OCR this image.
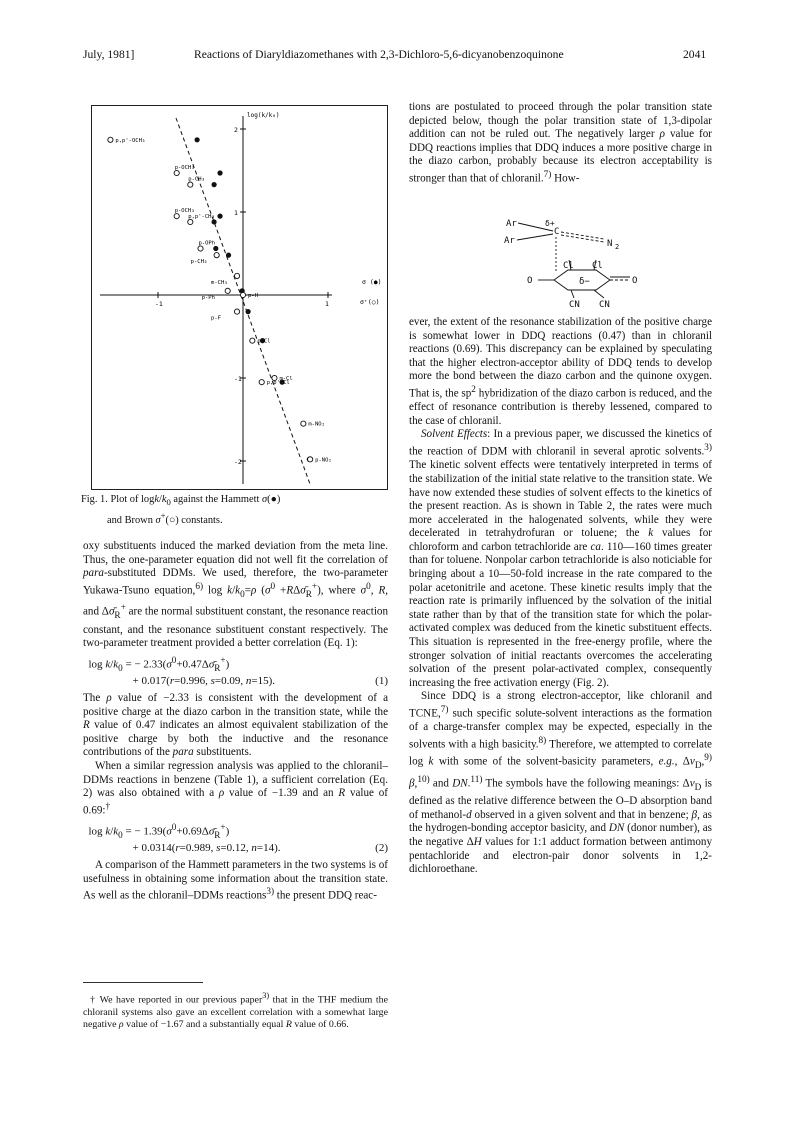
July, 1981]	Reactions of Diaryldiazomethanes with 2,3-Dichloro-5,6-dicyanobenzoquinone	2041
log(k/k₀)
σ (●)
σ⁺(○)
2
1
-1
-2
-1	1
p,p'-OCH₃
p-OCH₃
p-CH₃
p-OCH₃
p,p'-CH₃
p-OPh
p-CH₃
m-CH₃
p-Ph	p-H
p-F
p-Cl
m-Cl
p,p'-Cl
m-NO₂
p-NO₂
Fig. 1. Plot of logk/$k_0$ against the Hammett σ(●)
and Brown σ+(○) constants.

oxy substituents induced the marked deviation from the meta line. Thus, the one-parameter equation did not well fit the correlation of para-substituted DDMs. We used, therefore, the two-parameter Yukawa-Tsuno equation,$^{6)}$ $\log k/k_0=\rho$ ($\sigma^0$ $+R\Delta\sigmā_R^+$), where $\sigma^0$, R, and $\Delta\sigmā_R^+$ are the normal substituent constant, the resonance reaction constant, and the resonance substituent constant respectively. The two-parameter treatment provided a better correlation (Eq. 1):

$\log k/k_0$ = − $2.33(\sigma^0+0.47\Delta\sigmā_R^+)$
+ 0.017(r=0.996, s=0.09, n=15).	(1)

The ρ value of −2.33 is consistent with the development of a positive charge at the diazo carbon in the transition state, while the R value of 0.47 indicates an almost equivalent stabilization of the positive charge by both the inductive and the resonance contributions of the para substituents.

When a similar regression analysis was applied to the chloranil–DDMs reactions in benzene (Table 1), a sufficient correlation (Eq. 2) was also obtained with a ρ value of −1.39 and an R value of 0.69:†

$\log k/k_0$ = − $1.39(\sigma^0+0.69\Delta\sigmā_R^+)$
+ 0.0314(r=0.989, s=0.12, n=14).	(2)

A comparison of the Hammett parameters in the two systems is of usefulness in obtaining some information about the transition state. As well as the chloranil–DDMs reactions$^{3)}$ the present DDQ reac-

† We have reported in our previous paper$^{3)}$ that in the THF medium the chloranil systems also gave an excellent correlation with a somewhat large negative ρ value of −1.67 and a substantially equal R value of 0.66.

tions are postulated to proceed through the polar transition state depicted below, though the polar transition state of 1,3-dipolar addition can not be ruled out. The negatively larger ρ value for DDQ reactions implies that DDQ induces a more positive charge in the diazo carbon, probably because its electron acceptability is stronger than that of chloranil.$^{7)}$ How-

Ar
Ar
δ+
C
N 2
Cl Cl
O	O
CN CN
δ−

ever, the extent of the resonance stabilization of the positive charge is somewhat lower in DDQ reactions (0.47) than in chloranil reactions (0.69). This discrepancy can be explained by speculating that the higher electron-acceptor ability of DDQ tends to develop more the bond between the diazo carbon and the quinone oxygen. That is, the $sp^2$ hybridization of the diazo carbon is reduced, and the effect of resonance contribution is thereby lessened, compared to the case of chloranil.

Solvent Effects: In a previous paper, we discussed the kinetics of the reaction of DDM with chloranil in several aprotic solvents.$^{3)}$ The kinetic solvent effects were tentatively interpreted in terms of the stabilization of the initial state relative to the transition state. We have now extended these studies of solvent effects to the kinetics of the present reaction. As is shown in Table 2, the rates were much more accelerated in the halogenated solvents, while they were decelerated in tetrahydrofuran or toluene; the k values for chloroform and carbon tetrachloride are ca. 110—160 times greater than for toluene. Nonpolar carbon tetrachloride is also noticiable for bringing about a 10—50-fold increase in the rate compared to the polar acetonitrile and acetone. These kinetic results imply that the reaction rate is primarily influenced by the solvation of the initial state rather than by that of the transition state for which the polar-activated complex was deduced from the kinetic substituent effects. This situation is represented in the free-energy profile, where the stronger solvation of initial reactants overcomes the accelerating solvation of the present polar-activated complex, consequently increasing the free activation energy (Fig. 2).

Since DDQ is a strong electron-acceptor, like chloranil and TCNE,$^{7)}$ such specific solute-solvent interactions as the formation of a charge-transfer complex may be expected, especially in the solvents with a high basicity.$^{8)}$ Therefore, we attempted to correlate log k with some of the solvent-basicity parameters, e.g., $\Delta\nu_D,^{9)}$ β,$^{10)}$ and DN.$^{11)}$ The symbols have the following meanings: $\Delta\nu_D$ is defined as the relative difference between the O–D absorption band of methanol-d observed in a given solvent and that in benzene; β, as the hydrogen-bonding acceptor basicity, and DN (donor number), as the negative ΔH values for 1:1 adduct formation between antimony pentachloride and electron-pair donor solvents in 1,2-dichloroethane.
